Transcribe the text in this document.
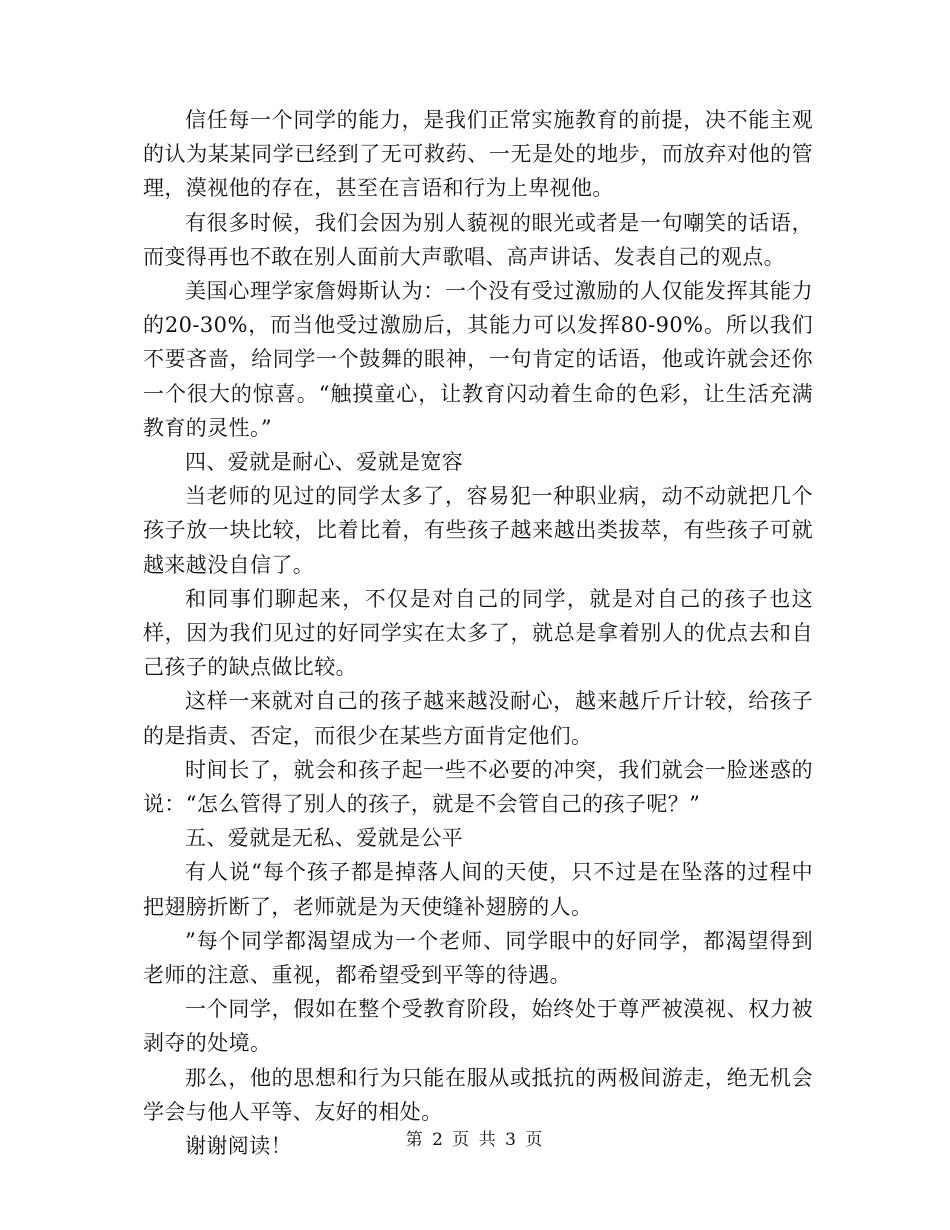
信任每一个同学的能力，是我们正常实施教育的前提，决不能主观的认为某某同学已经到了无可救药、一无是处的地步，而放弃对他的管理，漠视他的存在，甚至在言语和行为上卑视他。

有很多时候，我们会因为别人藐视的眼光或者是一句嘲笑的话语，而变得再也不敢在别人面前大声歌唱、高声讲话、发表自己的观点。

美国心理学家詹姆斯认为：一个没有受过激励的人仅能发挥其能力的20-30%，而当他受过激励后，其能力可以发挥80-90%。所以我们不要吝啬，给同学一个鼓舞的眼神，一句肯定的话语，他或许就会还你一个很大的惊喜。“触摸童心，让教育闪动着生命的色彩，让生活充满教育的灵性。”

四、爱就是耐心、爱就是宽容

当老师的见过的同学太多了，容易犯一种职业病，动不动就把几个孩子放一块比较，比着比着，有些孩子越来越出类拔萃，有些孩子可就越来越没自信了。

和同事们聊起来，不仅是对自己的同学，就是对自己的孩子也这样，因为我们见过的好同学实在太多了，就总是拿着别人的优点去和自己孩子的缺点做比较。

这样一来就对自己的孩子越来越没耐心，越来越斤斤计较，给孩子的是指责、否定，而很少在某些方面肯定他们。

时间长了，就会和孩子起一些不必要的冲突，我们就会一脸迷惑的说：“怎么管得了别人的孩子，就是不会管自己的孩子呢？”

五、爱就是无私、爱就是公平

有人说“每个孩子都是掉落人间的天使，只不过是在坠落的过程中把翅膀折断了，老师就是为天使缝补翅膀的人。

”每个同学都渴望成为一个老师、同学眼中的好同学，都渴望得到老师的注意、重视，都希望受到平等的待遇。

一个同学，假如在整个受教育阶段，始终处于尊严被漠视、权力被剥夺的处境。

那么，他的思想和行为只能在服从或抵抗的两极间游走，绝无机会学会与他人平等、友好的相处。

谢谢阅读！	第 2 页 共 3 页
